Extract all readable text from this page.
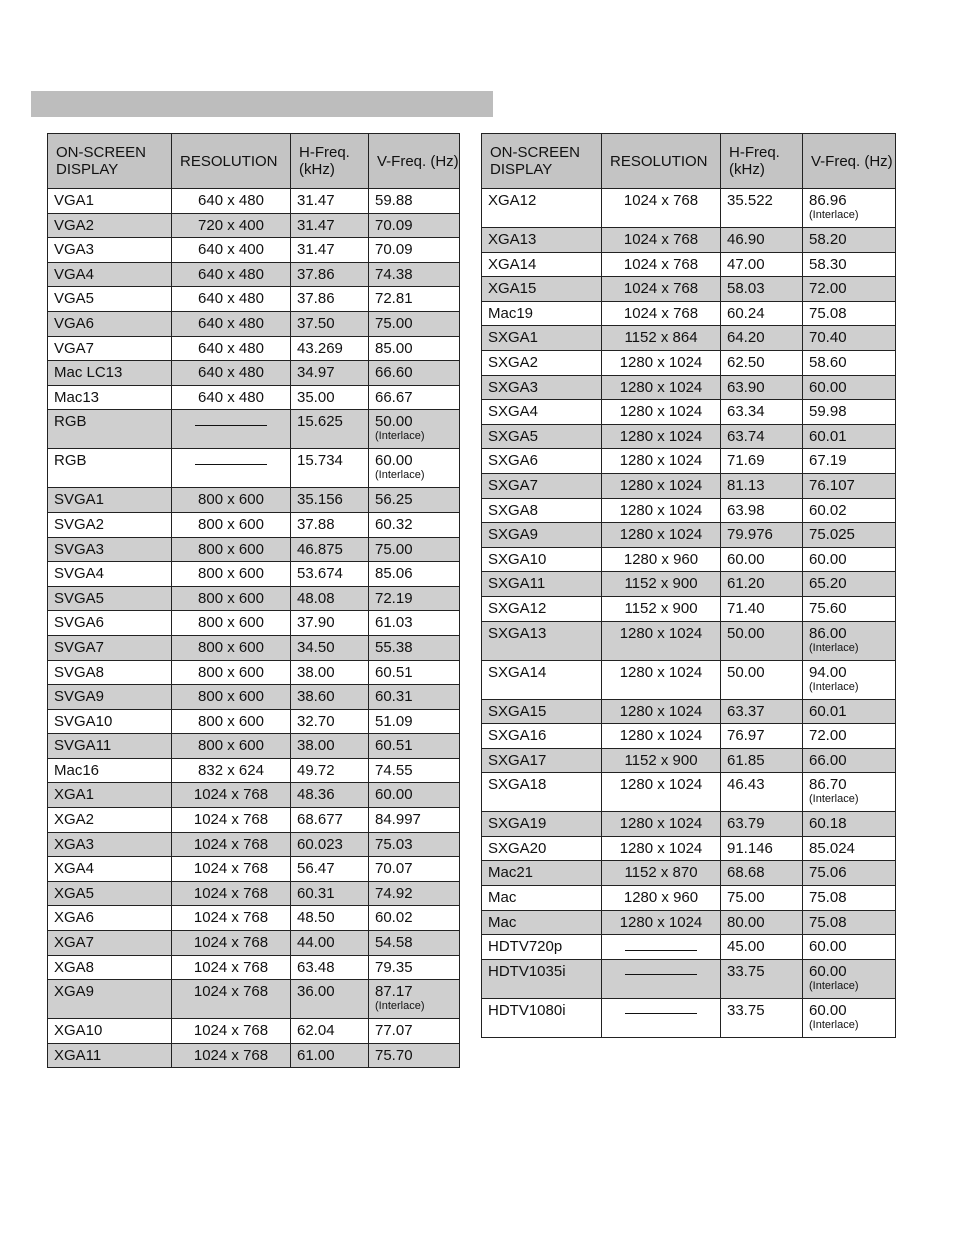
ON-SCREEN DISPLAY	RESOLUTION	H-Freq. (kHz)	V-Freq. (Hz)
VGA1	640 x 480	31.47	59.88
VGA2	720 x 400	31.47	70.09
VGA3	640 x 400	31.47	70.09
VGA4	640 x 480	37.86	74.38
VGA5	640 x 480	37.86	72.81
VGA6	640 x 480	37.50	75.00
VGA7	640 x 480	43.269	85.00
Mac LC13	640 x 480	34.97	66.60
Mac13	640 x 480	35.00	66.67
RGB		15.625	50.00
(Interlace)

RGB		15.734	60.00
(Interlace)

SVGA1	800 x 600	35.156	56.25
SVGA2	800 x 600	37.88	60.32
SVGA3	800 x 600	46.875	75.00
SVGA4	800 x 600	53.674	85.06
SVGA5	800 x 600	48.08	72.19
SVGA6	800 x 600	37.90	61.03
SVGA7	800 x 600	34.50	55.38
SVGA8	800 x 600	38.00	60.51
SVGA9	800 x 600	38.60	60.31
SVGA10	800 x 600	32.70	51.09
SVGA11	800 x 600	38.00	60.51
Mac16	832 x 624	49.72	74.55
XGA1	1024 x 768	48.36	60.00
XGA2	1024 x 768	68.677	84.997
XGA3	1024 x 768	60.023	75.03
XGA4	1024 x 768	56.47	70.07
XGA5	1024 x 768	60.31	74.92
XGA6	1024 x 768	48.50	60.02
XGA7	1024 x 768	44.00	54.58
XGA8	1024 x 768	63.48	79.35
XGA9	1024 x 768	36.00	87.17
(Interlace)

XGA10	1024 x 768	62.04	77.07
XGA11	1024 x 768	61.00	75.70
ON-SCREEN DISPLAY	RESOLUTION	H-Freq. (kHz)	V-Freq. (Hz)
XGA12	1024 x 768	35.522	86.96
(Interlace)

XGA13	1024 x 768	46.90	58.20
XGA14	1024 x 768	47.00	58.30
XGA15	1024 x 768	58.03	72.00
Mac19	1024 x 768	60.24	75.08
SXGA1	1152 x 864	64.20	70.40
SXGA2	1280 x 1024	62.50	58.60
SXGA3	1280 x 1024	63.90	60.00
SXGA4	1280 x 1024	63.34	59.98
SXGA5	1280 x 1024	63.74	60.01
SXGA6	1280 x 1024	71.69	67.19
SXGA7	1280 x 1024	81.13	76.107
SXGA8	1280 x 1024	63.98	60.02
SXGA9	1280 x 1024	79.976	75.025
SXGA10	1280 x 960	60.00	60.00
SXGA11	1152 x 900	61.20	65.20
SXGA12	1152 x 900	71.40	75.60
SXGA13	1280 x 1024	50.00	86.00
(Interlace)

SXGA14	1280 x 1024	50.00	94.00
(Interlace)

SXGA15	1280 x 1024	63.37	60.01
SXGA16	1280 x 1024	76.97	72.00
SXGA17	1152 x 900	61.85	66.00
SXGA18	1280 x 1024	46.43	86.70
(Interlace)

SXGA19	1280 x 1024	63.79	60.18
SXGA20	1280 x 1024	91.146	85.024
Mac21	1152 x 870	68.68	75.06
Mac	1280 x 960	75.00	75.08
Mac	1280 x 1024	80.00	75.08
HDTV720p		45.00	60.00
HDTV1035i		33.75	60.00
(Interlace)

HDTV1080i		33.75	60.00
(Interlace)
